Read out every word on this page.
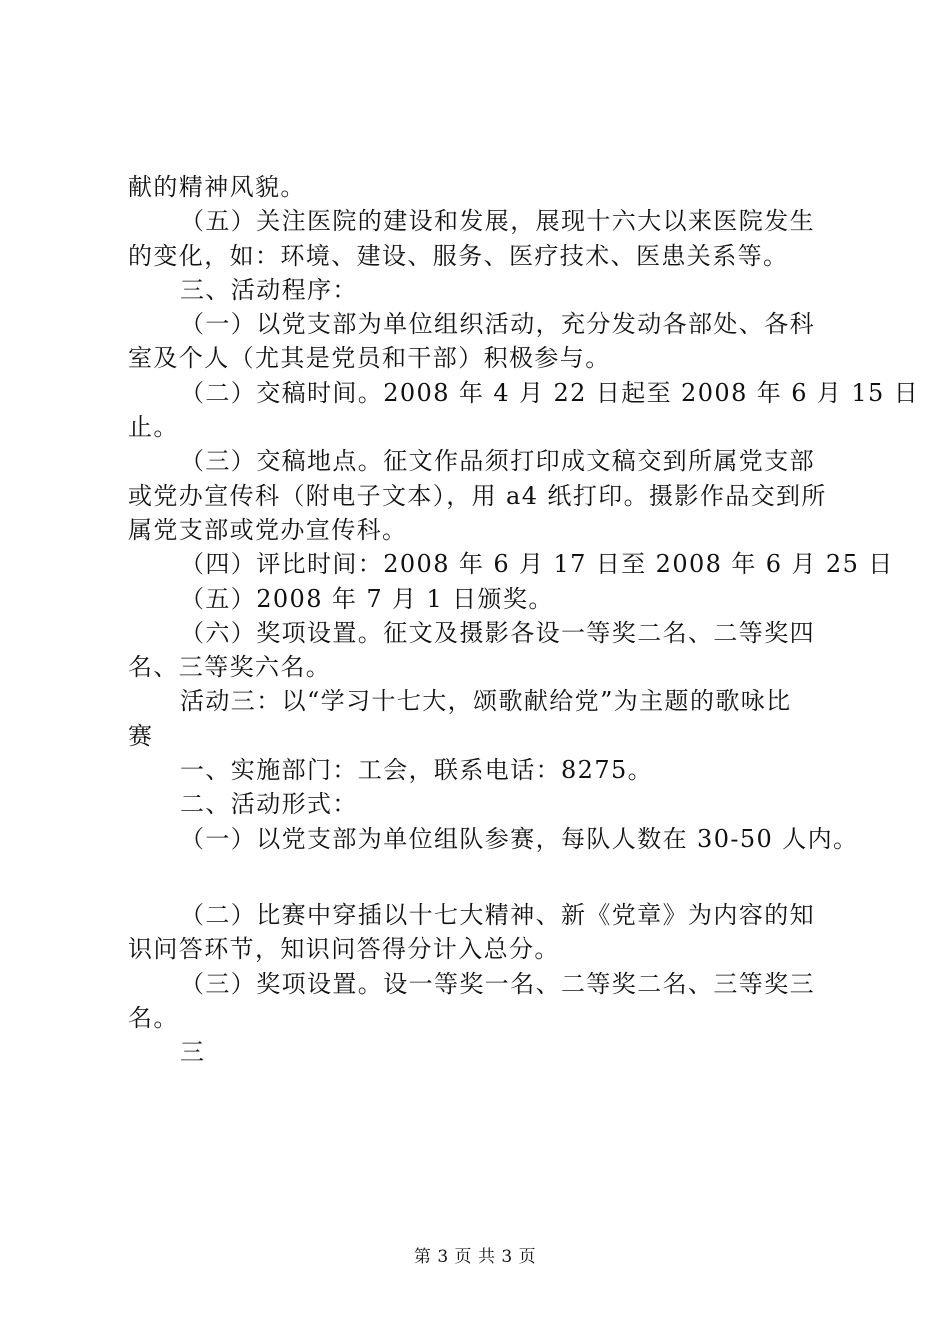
献的精神风貌。
（五）关注医院的建设和发展，展现十六大以来医院发生
的变化，如：环境、建设、服务、医疗技术、医患关系等。
三、活动程序：
（一）以党支部为单位组织活动，充分发动各部处、各科
室及个人（尤其是党员和干部）积极参与。
（二）交稿时间。2008 年 4 月 22 日起至 2008 年 6 月 15 日
止。
（三）交稿地点。征文作品须打印成文稿交到所属党支部
或党办宣传科（附电子文本），用 a4 纸打印。摄影作品交到所
属党支部或党办宣传科。
（四）评比时间：2008 年 6 月 17 日至 2008 年 6 月 25 日
（五）2008 年 7 月 1 日颁奖。
（六）奖项设置。征文及摄影各设一等奖二名、二等奖四
名、三等奖六名。
活动三：以“学习十七大，颂歌献给党”为主题的歌咏比
赛
一、实施部门：工会，联系电话：8275。
二、活动形式：
（一）以党支部为单位组队参赛，每队人数在 30-50 人内。
（二）比赛中穿插以十七大精神、新《党章》为内容的知
识问答环节，知识问答得分计入总分。
（三）奖项设置。设一等奖一名、二等奖二名、三等奖三
名。
三
第 3 页 共 3 页
